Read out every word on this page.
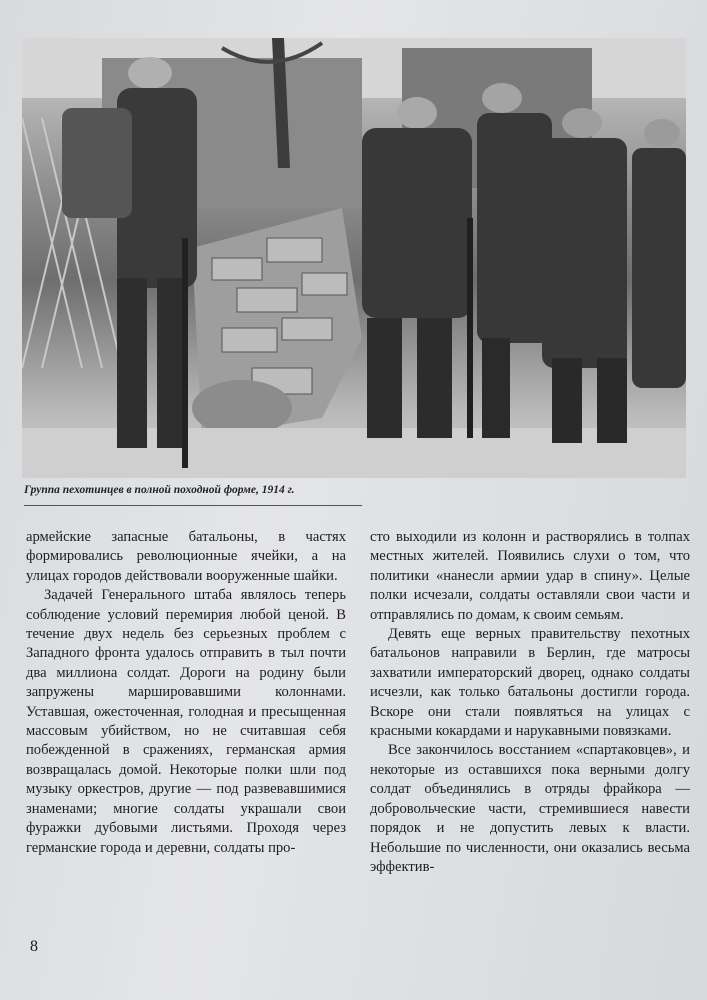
Группа пехотинцев в полной походной форме, 1914 г.

армейские запасные батальоны, в частях формировались революционные ячейки, а на улицах городов действовали вооруженные шайки.

Задачей Генерального штаба являлось теперь соблюдение условий перемирия любой ценой. В течение двух недель без серьезных проблем с Западного фронта удалось отправить в тыл почти два миллиона солдат. Дороги на родину были запружены маршировавшими колоннами. Уставшая, ожесточенная, голодная и пресыщенная массовым убийством, но не считавшая себя побежденной в сражениях, германская армия возвращалась домой. Некоторые полки шли под музыку оркестров, другие — под развевавшимися знаменами; многие солдаты украшали свои фуражки дубовыми листьями. Проходя через германские города и деревни, солдаты про-

сто выходили из колонн и растворялись в толпах местных жителей. Появились слухи о том, что политики «нанесли армии удар в спину». Целые полки исчезали, солдаты оставляли свои части и отправлялись по домам, к своим семьям.

Девять еще верных правительству пехотных батальонов направили в Берлин, где матросы захватили императорский дворец, однако солдаты исчезли, как только батальоны достигли города. Вскоре они стали появляться на улицах с красными кокардами и нарукавными повязками.

Все закончилось восстанием «спартаковцев», и некоторые из оставшихся пока верными долгу солдат объединялись в отряды фрайкора — добровольческие части, стремившиеся навести порядок и не допустить левых к власти. Небольшие по численности, они оказались весьма эффектив-

8
